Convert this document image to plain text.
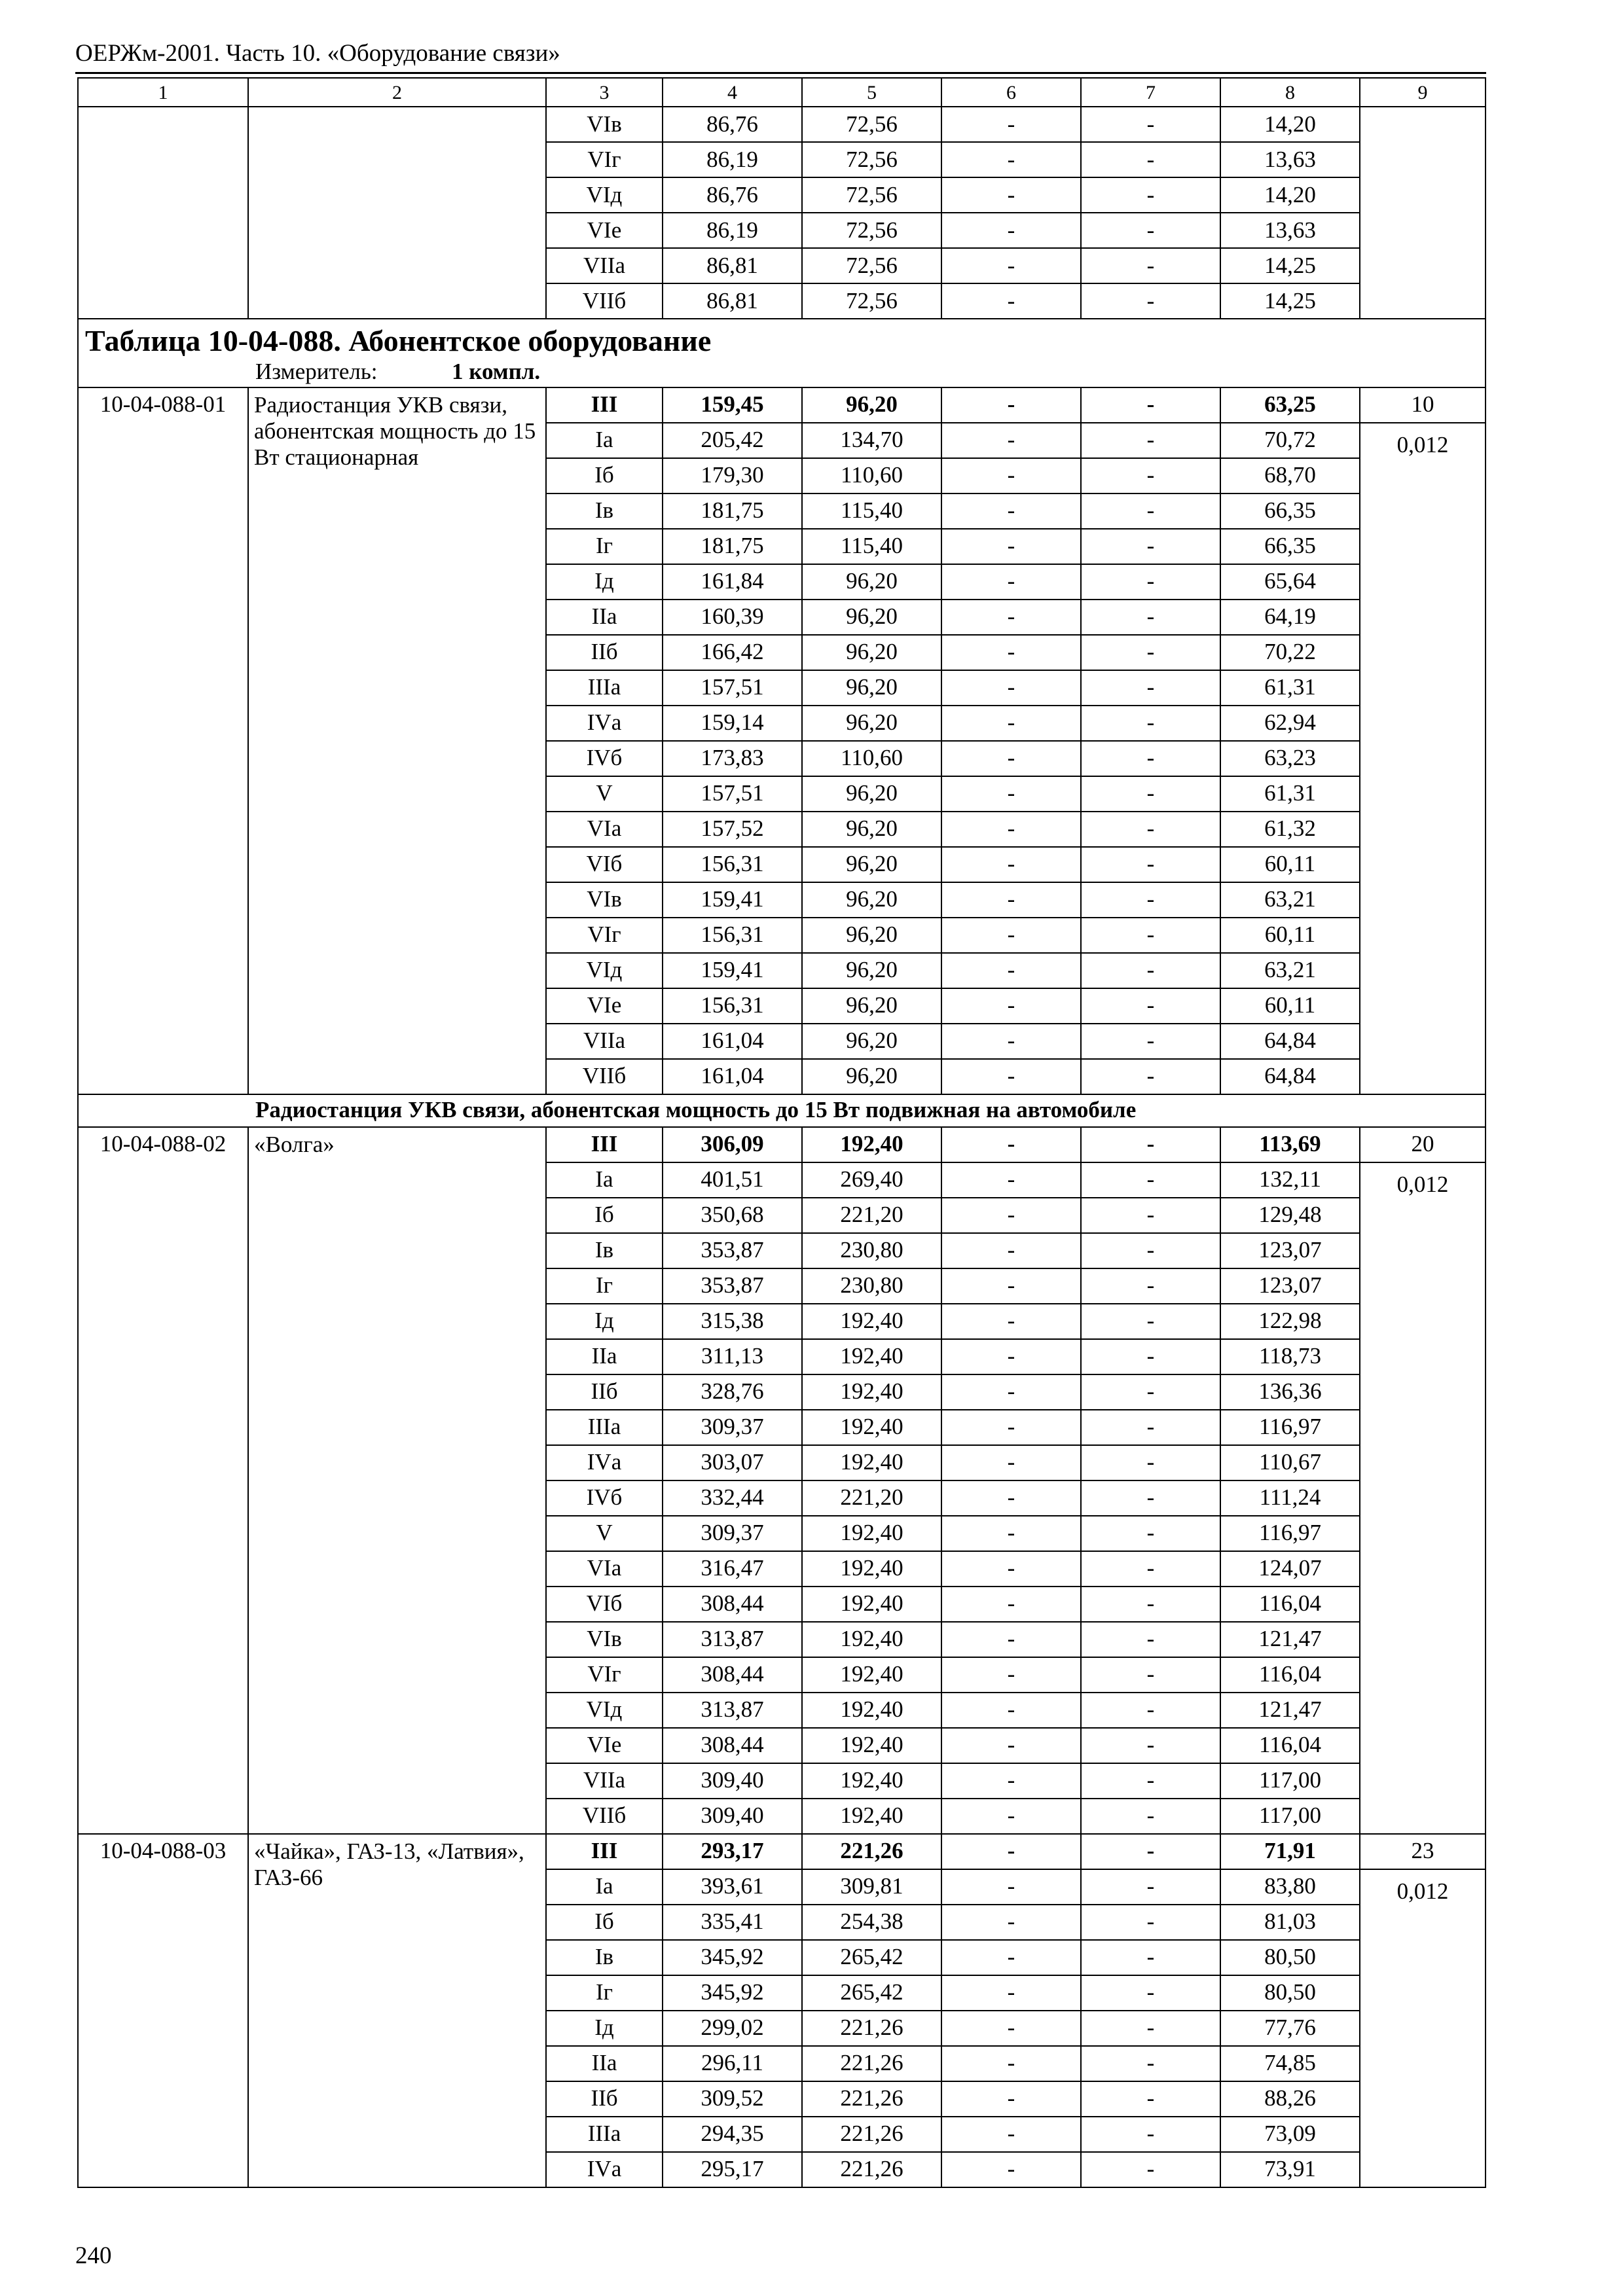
ОЕРЖм-2001. Часть 10. «Оборудование связи»
1	2	3	4	5	6	7	8	9
		VIв	86,76	72,56	-	-	14,20	
		VIг	86,19	72,56	-	-	13,63	
		VIд	86,76	72,56	-	-	14,20	
		VIе	86,19	72,56	-	-	13,63	
		VIIа	86,81	72,56	-	-	14,25	
		VIIб	86,81	72,56	-	-	14,25	
Таблица 10-04-088. Абонентское оборудование								
Измеритель: 1 компл.								
10-04-088-01	Радиостанция УКВ связи, абонентская мощность до 15 Вт стационарная	III	159,45	96,20	-	-	63,25	10
		Iа	205,42	134,70	-	-	70,72	0,012
		Iб	179,30	110,60	-	-	68,70	
		Iв	181,75	115,40	-	-	66,35	
		Iг	181,75	115,40	-	-	66,35	
		Iд	161,84	96,20	-	-	65,64	
		IIа	160,39	96,20	-	-	64,19	
		IIб	166,42	96,20	-	-	70,22	
		IIIа	157,51	96,20	-	-	61,31	
		IVа	159,14	96,20	-	-	62,94	
		IVб	173,83	110,60	-	-	63,23	
		V	157,51	96,20	-	-	61,31	
		VIа	157,52	96,20	-	-	61,32	
		VIб	156,31	96,20	-	-	60,11	
		VIв	159,41	96,20	-	-	63,21	
		VIг	156,31	96,20	-	-	60,11	
		VIд	159,41	96,20	-	-	63,21	
		VIе	156,31	96,20	-	-	60,11	
		VIIа	161,04	96,20	-	-	64,84	
		VIIб	161,04	96,20	-	-	64,84	
Радиостанция УКВ связи, абонентская мощность до 15 Вт подвижная на автомобиле								
10-04-088-02	«Волга»	III	306,09	192,40	-	-	113,69	20
		Iа	401,51	269,40	-	-	132,11	0,012
		Iб	350,68	221,20	-	-	129,48	
		Iв	353,87	230,80	-	-	123,07	
		Iг	353,87	230,80	-	-	123,07	
		Iд	315,38	192,40	-	-	122,98	
		IIа	311,13	192,40	-	-	118,73	
		IIб	328,76	192,40	-	-	136,36	
		IIIа	309,37	192,40	-	-	116,97	
		IVа	303,07	192,40	-	-	110,67	
		IVб	332,44	221,20	-	-	111,24	
		V	309,37	192,40	-	-	116,97	
		VIа	316,47	192,40	-	-	124,07	
		VIб	308,44	192,40	-	-	116,04	
		VIв	313,87	192,40	-	-	121,47	
		VIг	308,44	192,40	-	-	116,04	
		VIд	313,87	192,40	-	-	121,47	
		VIе	308,44	192,40	-	-	116,04	
		VIIа	309,40	192,40	-	-	117,00	
		VIIб	309,40	192,40	-	-	117,00	
10-04-088-03	«Чайка», ГАЗ-13, «Латвия», ГАЗ-66	III	293,17	221,26	-	-	71,91	23
		Iа	393,61	309,81	-	-	83,80	0,012
		Iб	335,41	254,38	-	-	81,03	
		Iв	345,92	265,42	-	-	80,50	
		Iг	345,92	265,42	-	-	80,50	
		Iд	299,02	221,26	-	-	77,76	
		IIа	296,11	221,26	-	-	74,85	
		IIб	309,52	221,26	-	-	88,26	
		IIIа	294,35	221,26	-	-	73,09	
		IVа	295,17	221,26	-	-	73,91	
240
